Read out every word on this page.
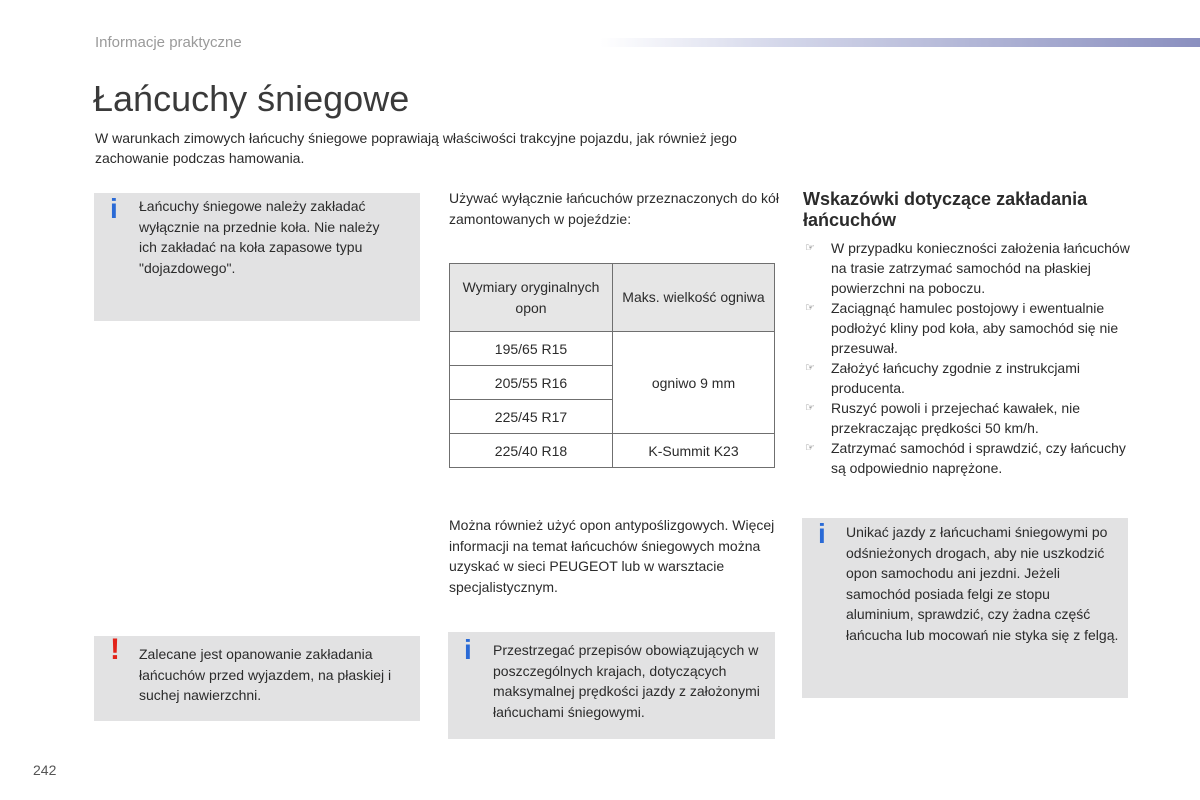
Informacje praktyczne
Łańcuchy śniegowe
W warunkach zimowych łańcuchy śniegowe poprawiają właściwości trakcyjne pojazdu, jak również jego zachowanie podczas hamowania.
i Łańcuchy śniegowe należy zakładać wyłącznie na przednie koła. Nie należy ich zakładać na koła zapasowe typu "dojazdowego".
! Zalecane jest opanowanie zakładania łańcuchów przed wyjazdem, na płaskiej i suchej nawierzchni.
Używać wyłącznie łańcuchów przeznaczonych do kół zamontowanych w pojeździe:
Wymiary oryginalnych opon	Maks. wielkość ogniwa
195/65 R15	ogniwo 9 mm
205/55 R16	
225/45 R17	
225/40 R18	K-Summit K23
Można również użyć opon antypoślizgowych. Więcej informacji na temat łańcuchów śniegowych można uzyskać w sieci PEUGEOT lub w warsztacie specjalistycznym.
i Przestrzegać przepisów obowiązujących w poszczególnych krajach, dotyczących maksymalnej prędkości jazdy z założonymi łańcuchami śniegowymi.
Wskazówki dotyczące zakładania łańcuchów
☞ W przypadku konieczności założenia łańcuchów na trasie zatrzymać samochód na płaskiej powierzchni na poboczu.
☞ Zaciągnąć hamulec postojowy i ewentualnie podłożyć kliny pod koła, aby samochód się nie przesuwał.
☞ Założyć łańcuchy zgodnie z instrukcjami producenta.
☞ Ruszyć powoli i przejechać kawałek, nie przekraczając prędkości 50 km/h.
☞ Zatrzymać samochód i sprawdzić, czy łańcuchy są odpowiednio naprężone.
i Unikać jazdy z łańcuchami śniegowymi po odśnieżonych drogach, aby nie uszkodzić opon samochodu ani jezdni. Jeżeli samochód posiada felgi ze stopu aluminium, sprawdzić, czy żadna część łańcucha lub mocowań nie styka się z felgą.
242
